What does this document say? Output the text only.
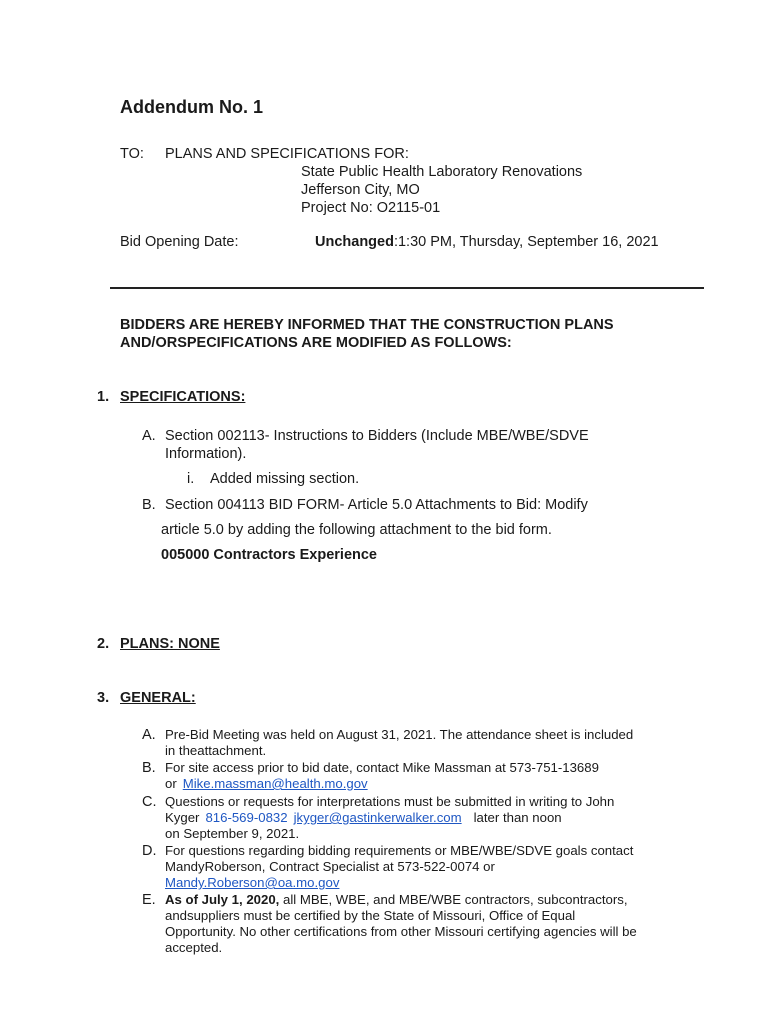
Addendum No. 1
TO: PLANS AND SPECIFICATIONS FOR:
State Public Health Laboratory Renovations
Jefferson City, MO
Project No: O2115-01
Bid Opening Date:	Unchanged:1:30 PM, Thursday, September 16, 2021
BIDDERS ARE HEREBY INFORMED THAT THE CONSTRUCTION PLANS
AND/ORSPECIFICATIONS ARE MODIFIED AS FOLLOWS:
1. SPECIFICATIONS:
A. Section 002113- Instructions to Bidders (Include MBE/WBE/SDVE
Information).
i. Added missing section.
B. Section 004113 BID FORM- Article 5.0 Attachments to Bid: Modify
article 5.0 by adding the following attachment to the bid form.
005000 Contractors Experience
2. PLANS: NONE
3. GENERAL:
A. Pre-Bid Meeting was held on August 31, 2021. The attendance sheet is included
in theattachment.
B. For site access prior to bid date, contact Mike Massman at 573-751-13689
or Mike.massman@health.mo.gov
C. Questions or requests for interpretations must be submitted in writing to John
Kyger 816-569-0832 jkyger@gastinkerwalker.com later than noon
on September 9, 2021.
D. For questions regarding bidding requirements or MBE/WBE/SDVE goals contact
MandyRoberson, Contract Specialist at 573-522-0074 or
Mandy.Roberson@oa.mo.gov
E. As of July 1, 2020, all MBE, WBE, and MBE/WBE contractors, subcontractors,
andsuppliers must be certified by the State of Missouri, Office of Equal
Opportunity. No other certifications from other Missouri certifying agencies will be
accepted.
